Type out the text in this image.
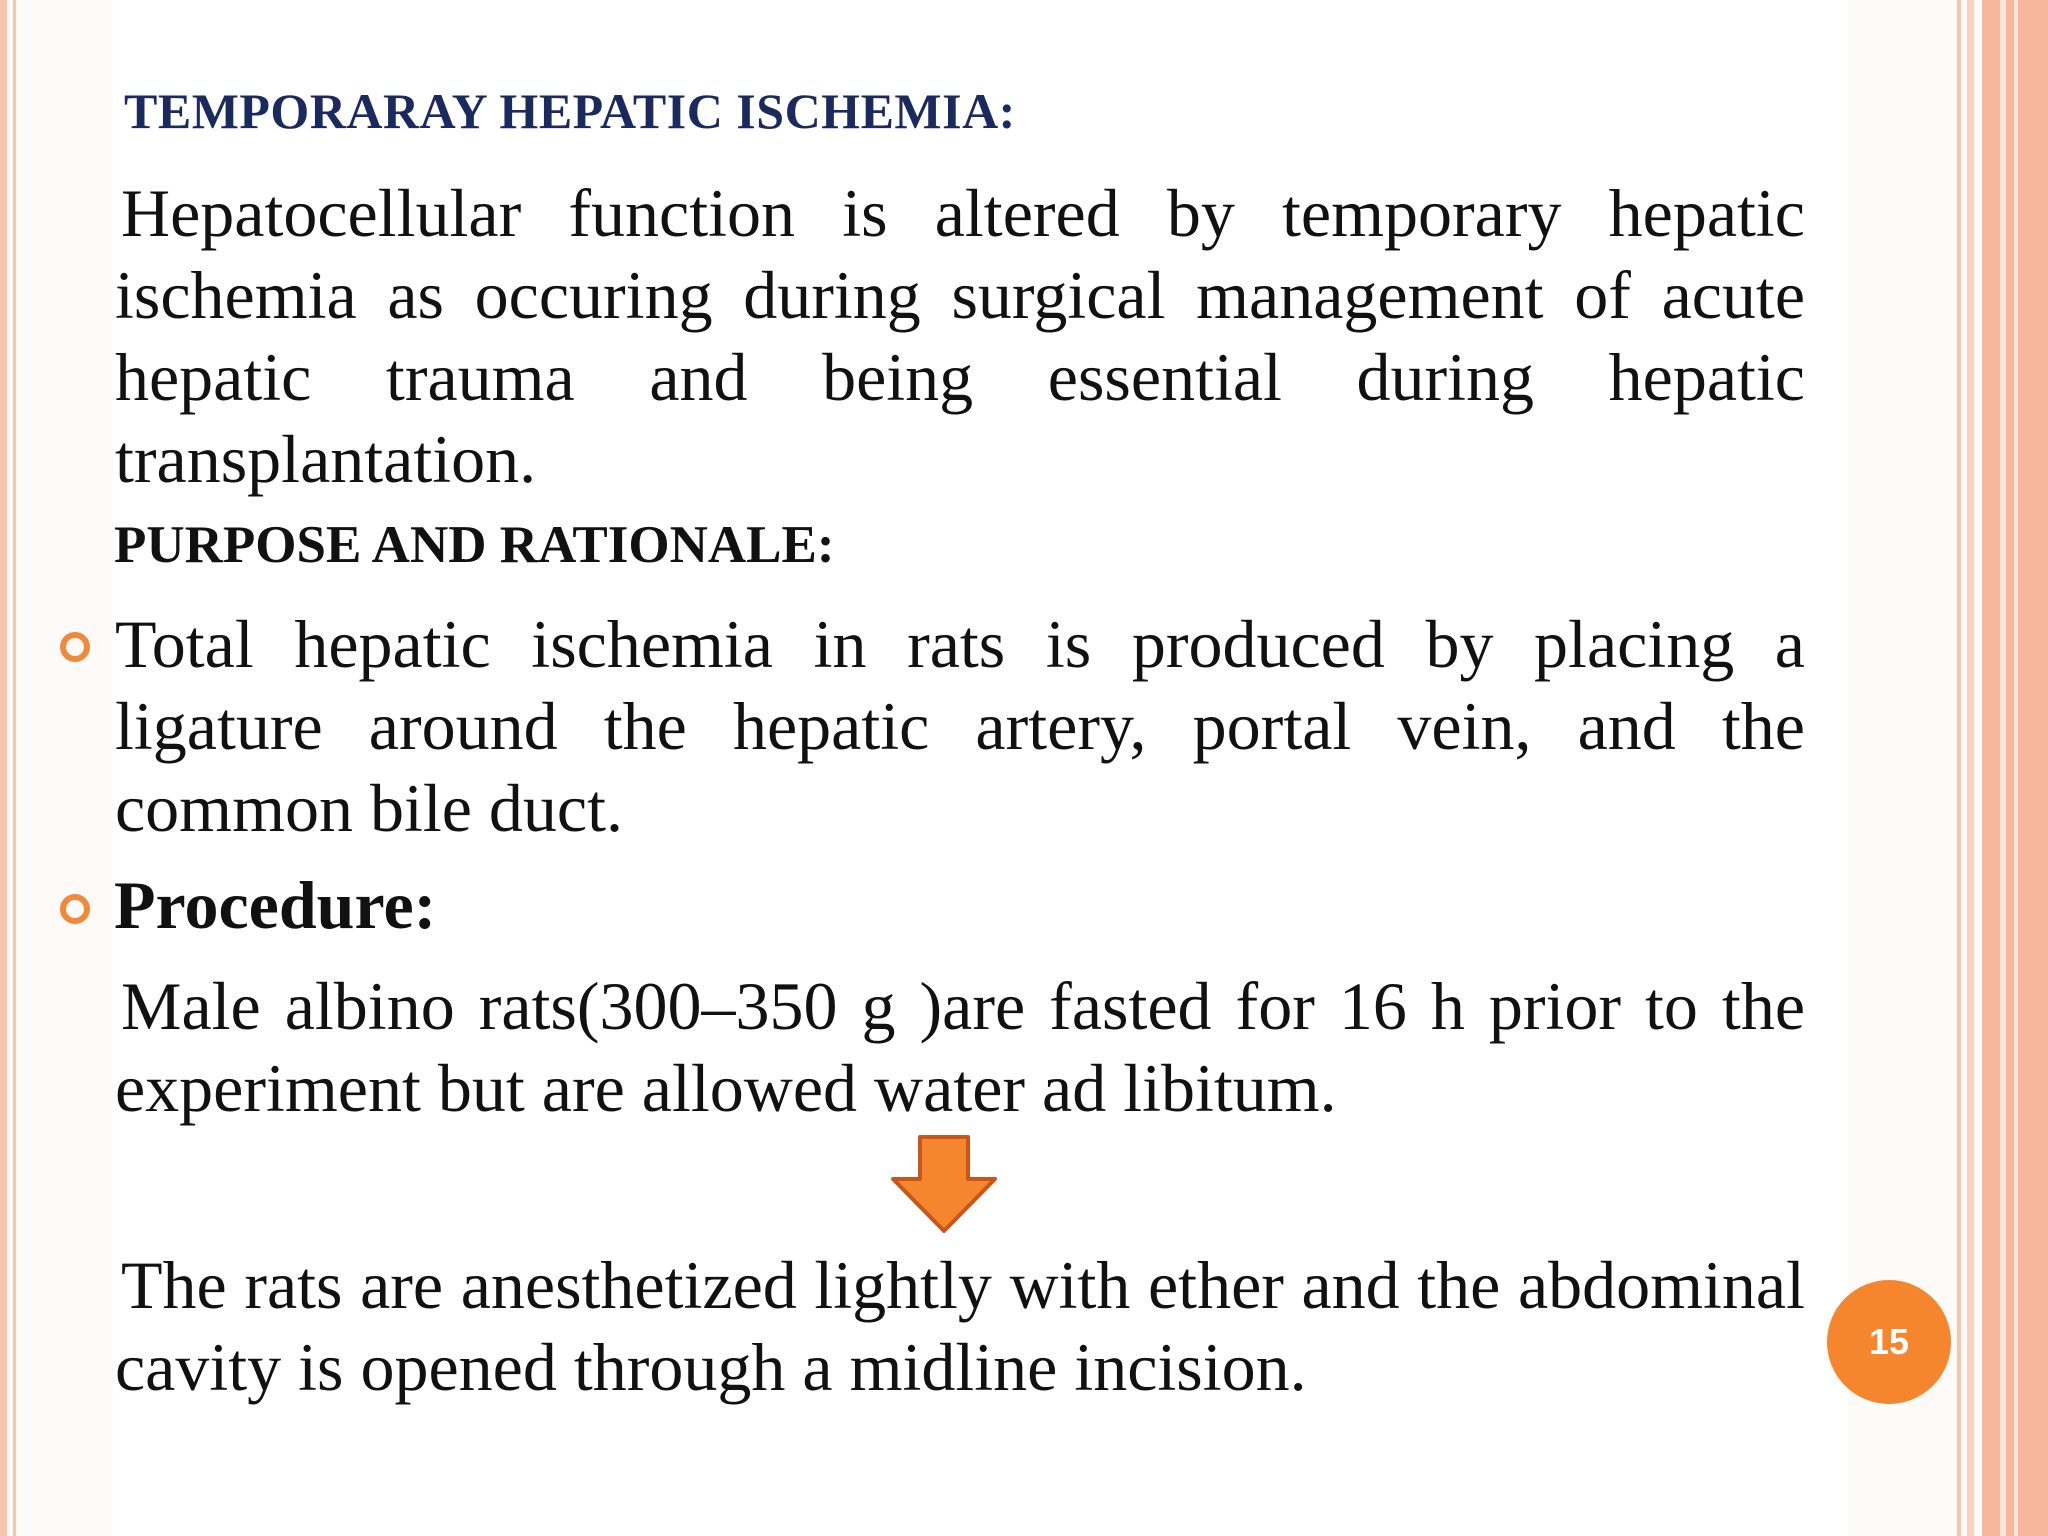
TEMPORARAY HEPATIC ISCHEMIA:

Hepatocellular function is altered by temporary hepatic ischemia as occuring during surgical management of acute hepatic trauma and being essential during hepatic transplantation.

PURPOSE AND RATIONALE:

Total hepatic ischemia in rats is produced by placing a ligature around the hepatic artery, portal vein, and the common bile duct.

Procedure:

Male albino rats(300–350 g )are fasted for 16 h prior to the experiment but are allowed water ad libitum.

The rats are anesthetized lightly with ether and the abdominal cavity is opened through a midline incision.	15
